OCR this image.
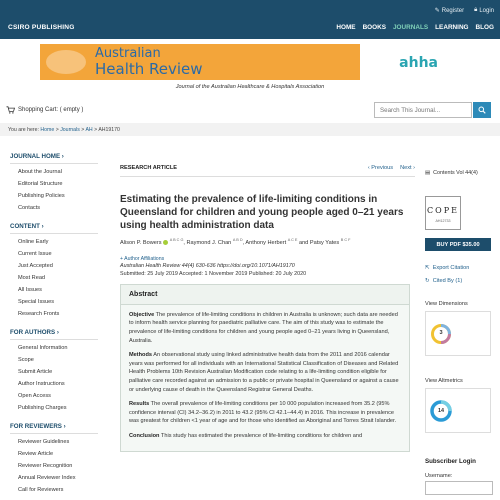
✎ Register 🔒︎ Login
CSIRO PUBLISHING	HOME BOOKS JOURNALS LEARNING BLOG
Australian
Health Review	ahha
Journal of the Australian Healthcare & Hospitals Association
Shopping Cart: ( empty )
Search This Journal...
You are here: Home > Journals > AH > AH19170
JOURNAL HOME ›
About the Journal
Editorial Structure
Publishing Policies
Contacts
CONTENT ›
Online Early
Current Issue
Just Accepted
Most Read
All Issues
Special Issues
Research Fronts
FOR AUTHORS ›
General Information
Scope
Submit Article
Author Instructions
Open Access
Publishing Charges
FOR REVIEWERS ›
Reviewer Guidelines
Review Article
Reviewer Recognition
Annual Reviewer Index
Call for Reviewers
RESEARCH ARTICLE	‹ Previous Next ›
Estimating the prevalence of life-limiting conditions in Queensland for children and young people aged 0–21 years using health administration data
Alison P. Bowers $^{A B C G}$, Raymond J. Chan $^{A B D}$, Anthony Herbert $^{A C E}$ and Patsy Yates $^{B C F}$
+ Author Affiliations
Australian Health Review 44(4) 630-636 https://doi.org/10.1071/AH19170
Submitted: 25 July 2019 Accepted: 1 November 2019 Published: 20 July 2020
Abstract

Objective The prevalence of life-limiting conditions in children in Australia is unknown; such data are needed to inform health service planning for paediatric palliative care. The aim of this study was to estimate the prevalence of life-limiting conditions for children and young people aged 0–21 years living in Queensland, Australia.

Methods An observational study using linked administrative health data from the 2011 and 2016 calendar years was performed for all individuals with an International Statistical Classification of Diseases and Related Health Problems 10th Revision Australian Modification code relating to a life-limiting condition eligible for palliative care recorded against an admission to a public or private hospital in Queensland or against a cause or underlying cause of death in the Queensland Registrar General Deaths.

Results The overall prevalence of life-limiting conditions per 10 000 population increased from 35.2 (95% confidence interval (CI) 34.2–36.2) in 2011 to 43.2 (95% CI 42.1–44.4) in 2016. This increase in prevalence was greatest for children <1 year of age and for those who identified as Aboriginal and Torres Strait Islander.

Conclusion This study has estimated the prevalence of life-limiting conditions for children and

▤ Contents Vol 44(4)
COPE
AH12733
BUY PDF $35.00
⇱ Export Citation
↻ Cited By (1)
View Dimensions
3
View Altmetrics
14
Subscriber Login
Username:
